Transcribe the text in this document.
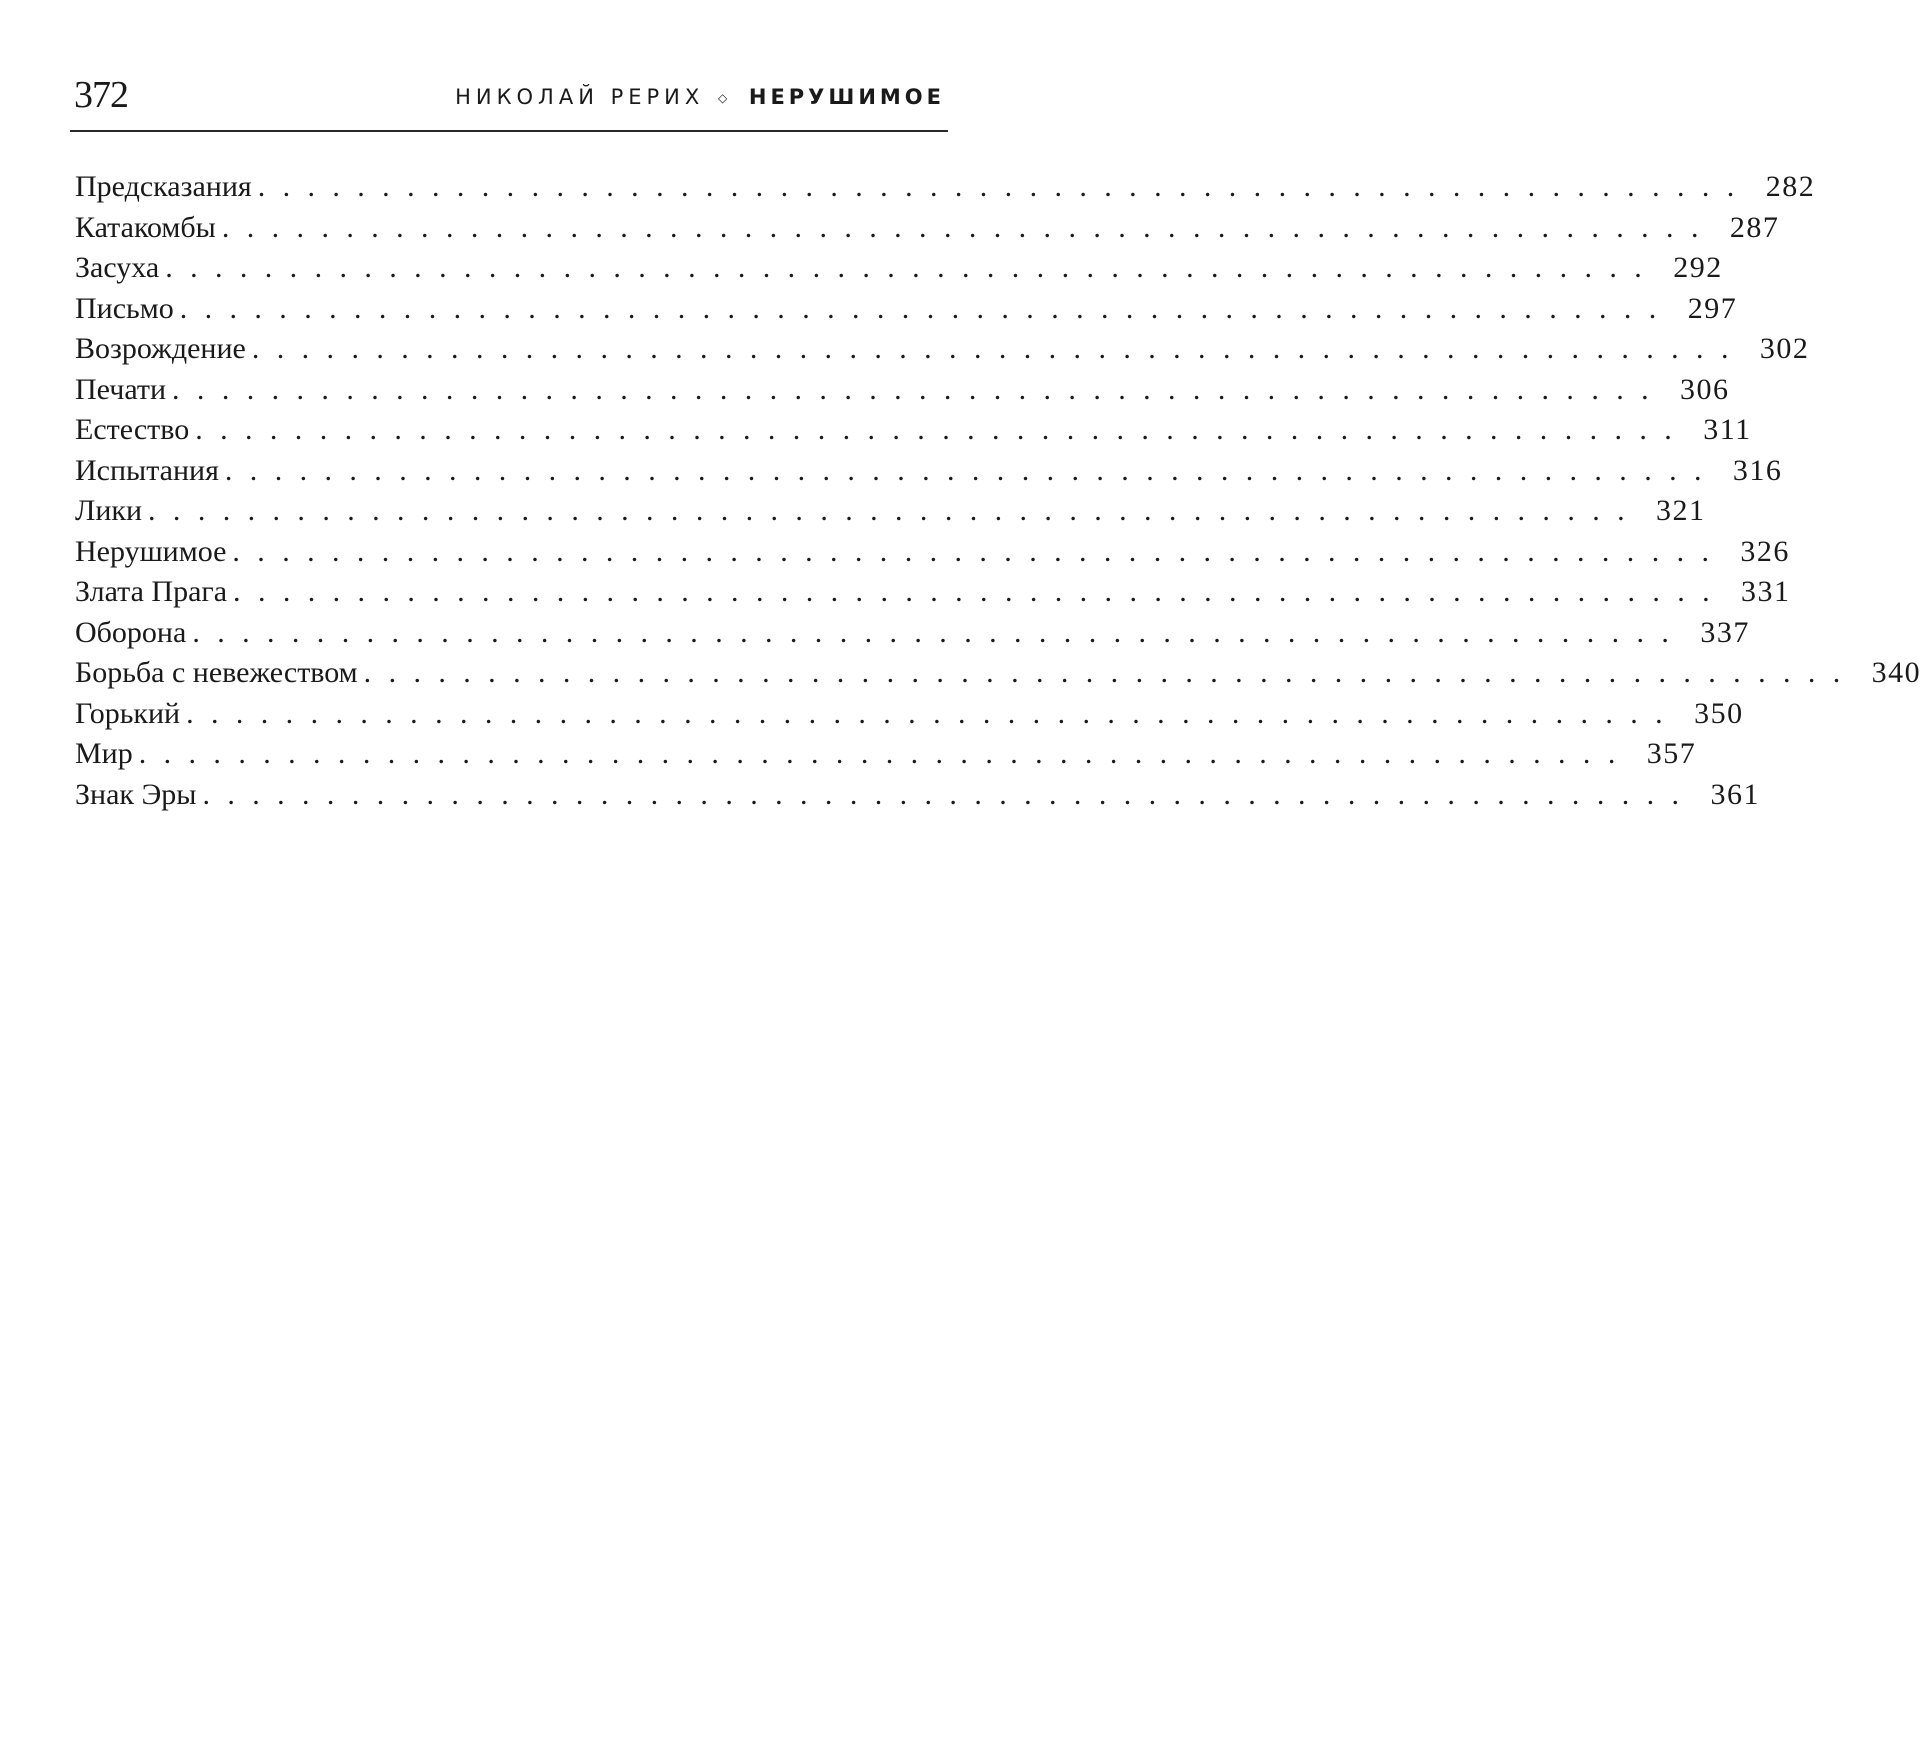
372	НИКОЛАЙ РЕРИХ ◇ НЕРУШИМОЕ
Предсказания ............................................................ 282
Катакомбы ............................................................ 287
Засуха ............................................................ 292
Письмо ............................................................ 297
Возрождение ............................................................ 302
Печати ............................................................ 306
Естество ............................................................ 311
Испытания ............................................................ 316
Лики ............................................................ 321
Нерушимое ............................................................ 326
Злата Прага ............................................................ 331
Оборона ............................................................ 337
Борьба с невежеством ............................................................ 340
Горький ............................................................ 350
Мир ............................................................ 357
Знак Эры ............................................................ 361
